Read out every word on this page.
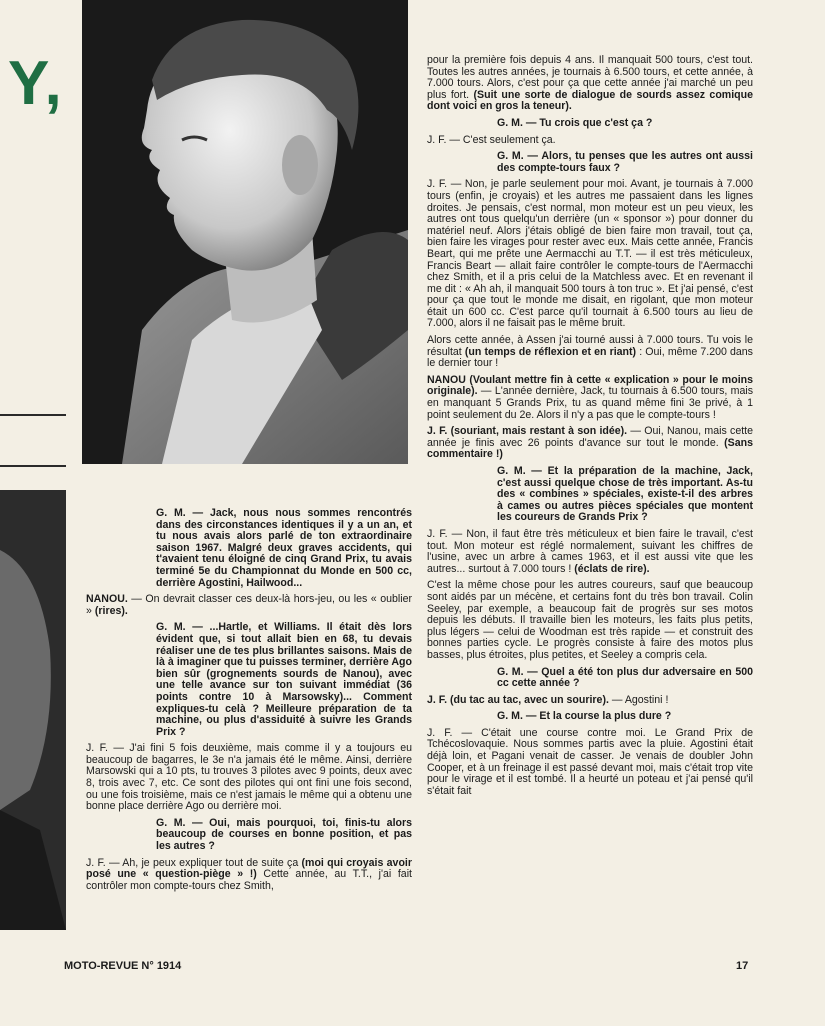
Y,	pour la première fois depuis 4 ans. Il manquait 500 tours, c'est tout. Toutes les autres années, je tournais à 6.500 tours, et cette année, à 7.000 tours. Alors, c'est pour ça que cette année j'ai marché un peu plus fort. (Suit une sorte de dialogue de sourds assez comique dont voici en gros la teneur).

G. M. — Tu crois que c'est ça ?

J. F. — C'est seulement ça.

G. M. — Alors, tu penses que les autres ont aussi des compte-tours faux ?

J. F. — Non, je parle seulement pour moi. Avant, je tournais à 7.000 tours (enfin, je croyais) et les autres me passaient dans les lignes droites. Je pensais, c'est normal, mon moteur est un peu vieux, les autres ont tous quelqu'un derrière (un « sponsor ») pour donner du matériel neuf. Alors j'étais obligé de bien faire mon travail, tout ça, bien faire les virages pour rester avec eux. Mais cette année, Francis Beart, qui me prête une Aermacchi au T.T. — il est très méticuleux, Francis Beart — allait faire contrôler le compte-tours de l'Aermacchi chez Smith, et il a pris celui de la Matchless avec. Et en revenant il me dit : « Ah ah, il manquait 500 tours à ton truc ». Et j'ai pensé, c'est pour ça que tout le monde me disait, en rigolant, que mon moteur était un 600 cc. C'est parce qu'il tournait à 6.500 tours au lieu de 7.000, alors il ne faisait pas le même bruit.

Alors cette année, à Assen j'ai tourné aussi à 7.000 tours. Tu vois le résultat (un temps de réflexion et en riant) : Oui, même 7.200 dans le dernier tour !

NANOU (Voulant mettre fin à cette « explication » pour le moins originale). — L'année dernière, Jack, tu tournais à 6.500 tours, mais en manquant 5 Grands Prix, tu as quand même fini 3e privé, à 1 point seulement du 2e. Alors il n'y a pas que le compte-tours !

J. F. (souriant, mais restant à son idée). — Oui, Nanou, mais cette année je finis avec 26 points d'avance sur tout le monde. (Sans commentaire !)

G. M. — Et la préparation de la machine, Jack, c'est aussi quelque chose de très important. As-tu des « combines » spéciales, existe-t-il des arbres à cames ou autres pièces spéciales que montent les coureurs de Grands Prix ?

J. F. — Non, il faut être très méticuleux et bien faire le travail, c'est tout. Mon moteur est réglé normalement, suivant les chiffres de l'usine, avec un arbre à cames 1963, et il est aussi vite que les autres... surtout à 7.000 tours ! (éclats de rire).

C'est la même chose pour les autres coureurs, sauf que beaucoup sont aidés par un mécène, et certains font du très bon travail. Colin Seeley, par exemple, a beaucoup fait de progrès sur ses motos depuis les débuts. Il travaille bien les moteurs, les faits plus petits, plus légers — celui de Woodman est très rapide — et construit des bonnes parties cycle. Le progrès consiste à faire des motos plus basses, plus étroites, plus petites, et Seeley a compris cela.

G. M. — Quel a été ton plus dur adversaire en 500 cc cette année ?

J. F. (du tac au tac, avec un sourire). — Agostini !

G. M. — Et la course la plus dure ?

J. F. — C'était une course contre moi. Le Grand Prix de Tchécoslovaquie. Nous sommes partis avec la pluie. Agostini était déjà loin, et Pagani venait de casser. Je venais de doubler John Cooper, et à un freinage il est passé devant moi, mais c'était trop vite pour le virage et il est tombé. Il a heurté un poteau et j'ai pensé qu'il s'était fait

G. M. — Jack, nous nous sommes rencontrés dans des circonstances identiques il y a un an, et tu nous avais alors parlé de ton extraordinaire saison 1967. Malgré deux graves accidents, qui t'avaient tenu éloigné de cinq Grand Prix, tu avais terminé 5e du Championnat du Monde en 500 cc, derrière Agostini, Hailwood...

NANOU. — On devrait classer ces deux-là hors-jeu, ou les « oublier » (rires).

G. M. — ...Hartle, et Williams. Il était dès lors évident que, si tout allait bien en 68, tu devais réaliser une de tes plus brillantes saisons. Mais de là à imaginer que tu puisses terminer, derrière Ago bien sûr (grognements sourds de Nanou), avec une telle avance sur ton suivant immédiat (36 points contre 10 à Marsowsky)... Comment expliques-tu celà ? Meilleure préparation de ta machine, ou plus d'assiduité à suivre les Grands Prix ?

J. F. — J'ai fini 5 fois deuxième, mais comme il y a toujours eu beaucoup de bagarres, le 3e n'a jamais été le même. Ainsi, derrière Marsowski qui a 10 pts, tu trouves 3 pilotes avec 9 points, deux avec 8, trois avec 7, etc. Ce sont des pilotes qui ont fini une fois second, ou une fois troisième, mais ce n'est jamais le même qui a obtenu une bonne place derrière Ago ou derrière moi.

G. M. — Oui, mais pourquoi, toi, finis-tu alors beaucoup de courses en bonne position, et pas les autres ?

J. F. — Ah, je peux expliquer tout de suite ça (moi qui croyais avoir posé une « question-piège » !) Cette année, au T.T., j'ai fait contrôler mon compte-tours chez Smith,

MOTO-REVUE N° 1914	17
